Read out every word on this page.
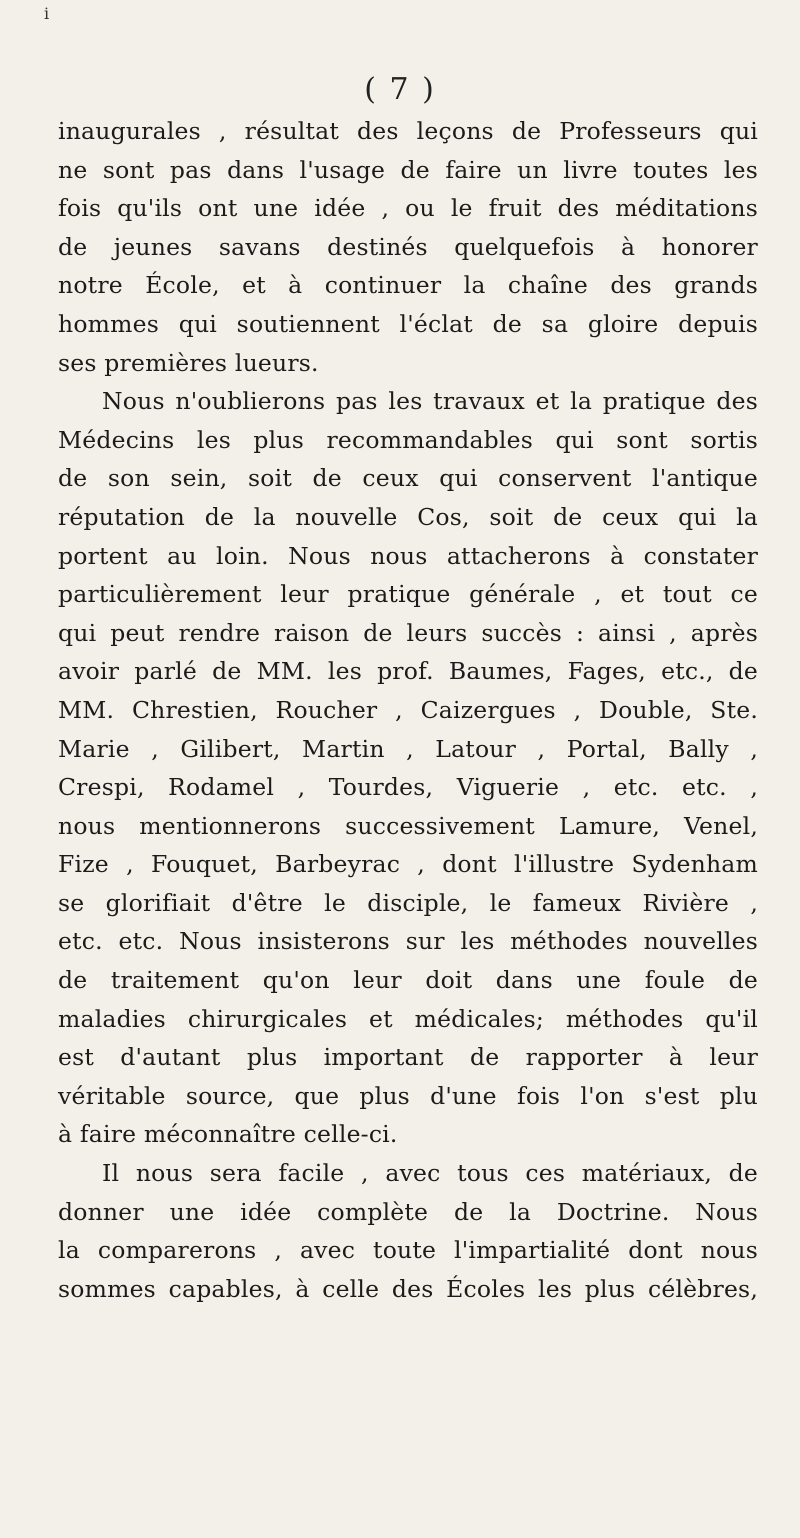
i
( 7 )
inaugurales , résultat des leçons de Professeurs qui
ne sont pas dans l'usage de faire un livre toutes les
fois qu'ils ont une idée , ou le fruit des méditations
de jeunes savans destinés quelquefois à honorer
notre École, et à continuer la chaîne des grands
hommes qui soutiennent l'éclat de sa gloire depuis
ses premières lueurs.
Nous n'oublierons pas les travaux et la pratique des
Médecins les plus recommandables qui sont sortis
de son sein, soit de ceux qui conservent l'antique
réputation de la nouvelle Cos, soit de ceux qui la
portent au loin. Nous nous attacherons à constater
particulièrement leur pratique générale , et tout ce
qui peut rendre raison de leurs succès : ainsi , après
avoir parlé de MM. les prof. Baumes, Fages, etc., de
MM. Chrestien, Roucher , Caizergues , Double, Ste.
Marie , Gilibert, Martin , Latour , Portal, Bally ,
Crespi, Rodamel , Tourdes, Viguerie , etc. etc. ,
nous mentionnerons successivement Lamure, Venel,
Fize , Fouquet, Barbeyrac , dont l'illustre Sydenham
se glorifiait d'être le disciple, le fameux Rivière ,
etc. etc. Nous insisterons sur les méthodes nouvelles
de traitement qu'on leur doit dans une foule de
maladies chirurgicales et médicales; méthodes qu'il
est d'autant plus important de rapporter à leur
véritable source, que plus d'une fois l'on s'est plu
à faire méconnaître celle-ci.
Il nous sera facile , avec tous ces matériaux, de
donner une idée complète de la Doctrine. Nous
la comparerons , avec toute l'impartialité dont nous
sommes capables, à celle des Écoles les plus célèbres,
